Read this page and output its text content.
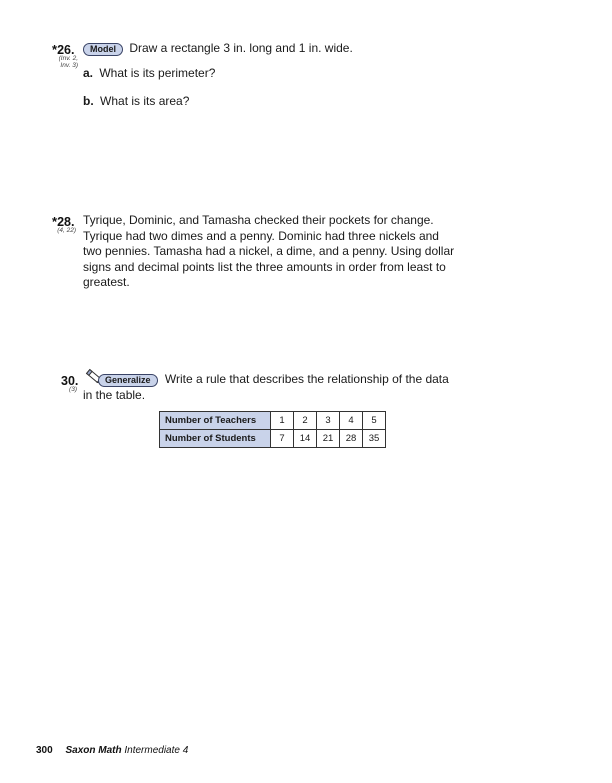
*26.
(Inv. 2,
Inv. 3)
Model Draw a rectangle 3 in. long and 1 in. wide.
a. What is its perimeter?
b. What is its area?
*28.
(4, 22)
Tyrique, Dominic, and Tamasha checked their pockets for change.
Tyrique had two dimes and a penny. Dominic had three nickels and
two pennies. Tamasha had a nickel, a dime, and a penny. Using dollar
signs and decimal points list the three amounts in order from least to
greatest.
30.
(3)
Generalize Write a rule that describes the relationship of the data
in the table.
Number of Teachers	1	2	3	4	5
Number of Students	7	14	21	28	35
300 Saxon Math Intermediate 4
